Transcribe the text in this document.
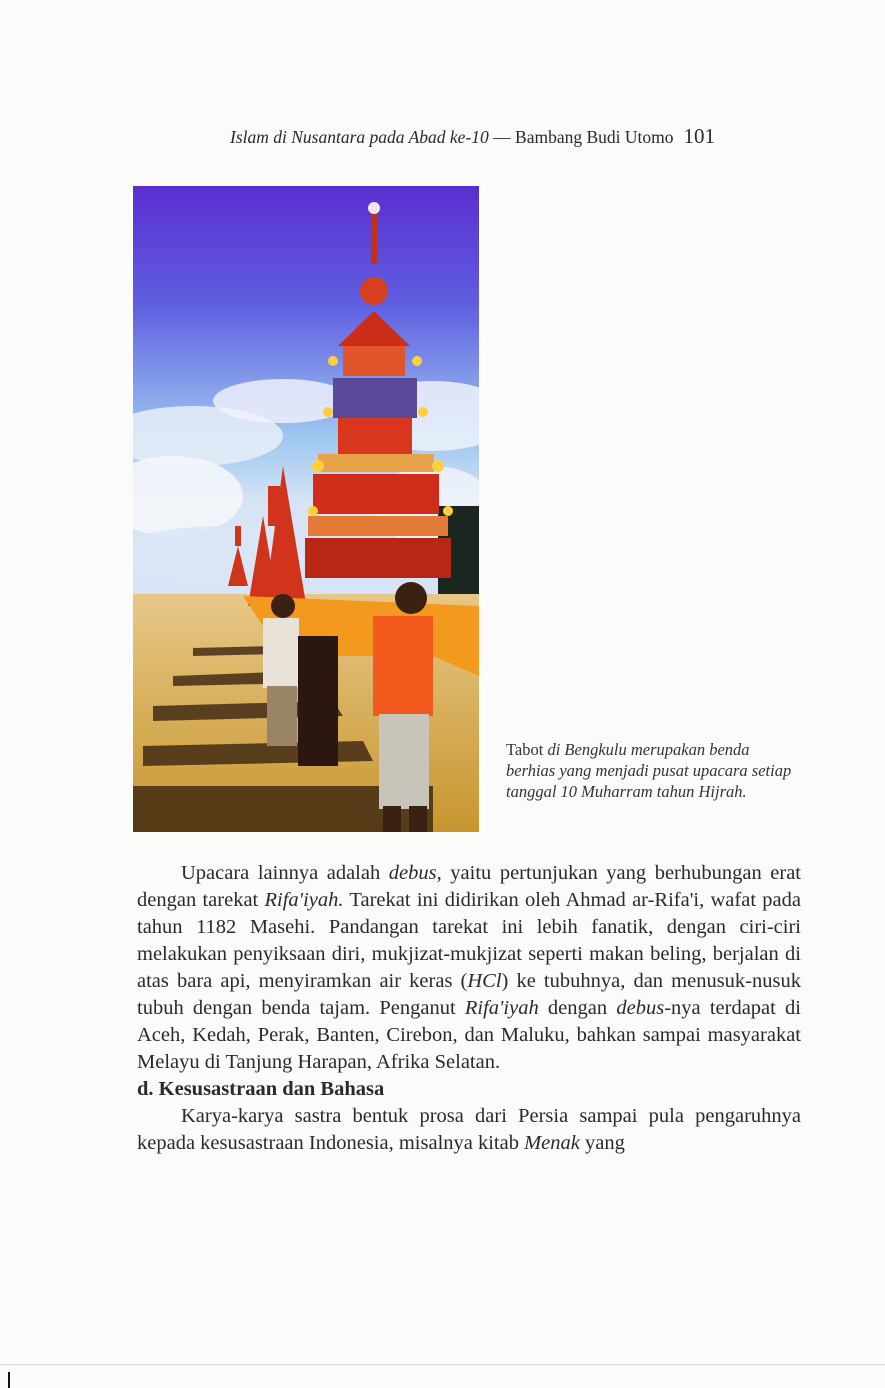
Islam di Nusantara pada Abad ke-10 — Bambang Budi Utomo 101
Tabot di Bengkulu merupakan benda berhias yang menjadi pusat upacara setiap tanggal 10 Muharram tahun Hijrah.

Upacara lainnya adalah debus, yaitu pertunjukan yang berhubungan erat dengan tarekat Rifa'iyah. Tarekat ini didirikan oleh Ahmad ar-Rifa'i, wafat pada tahun 1182 Masehi. Pandangan tarekat ini lebih fanatik, dengan ciri-ciri melakukan penyiksaan diri, mukjizat-mukjizat seperti makan beling, berjalan di atas bara api, menyiramkan air keras (HCl) ke tubuhnya, dan menusuk-nusuk tubuh dengan benda tajam. Penganut Rifa'iyah dengan debus-nya terdapat di Aceh, Kedah, Perak, Banten, Cirebon, dan Maluku, bahkan sampai masyarakat Melayu di Tanjung Harapan, Afrika Selatan.

d. Kesusastraan dan Bahasa

Karya-karya sastra bentuk prosa dari Persia sampai pula pengaruhnya kepada kesusastraan Indonesia, misalnya kitab Menak yang
